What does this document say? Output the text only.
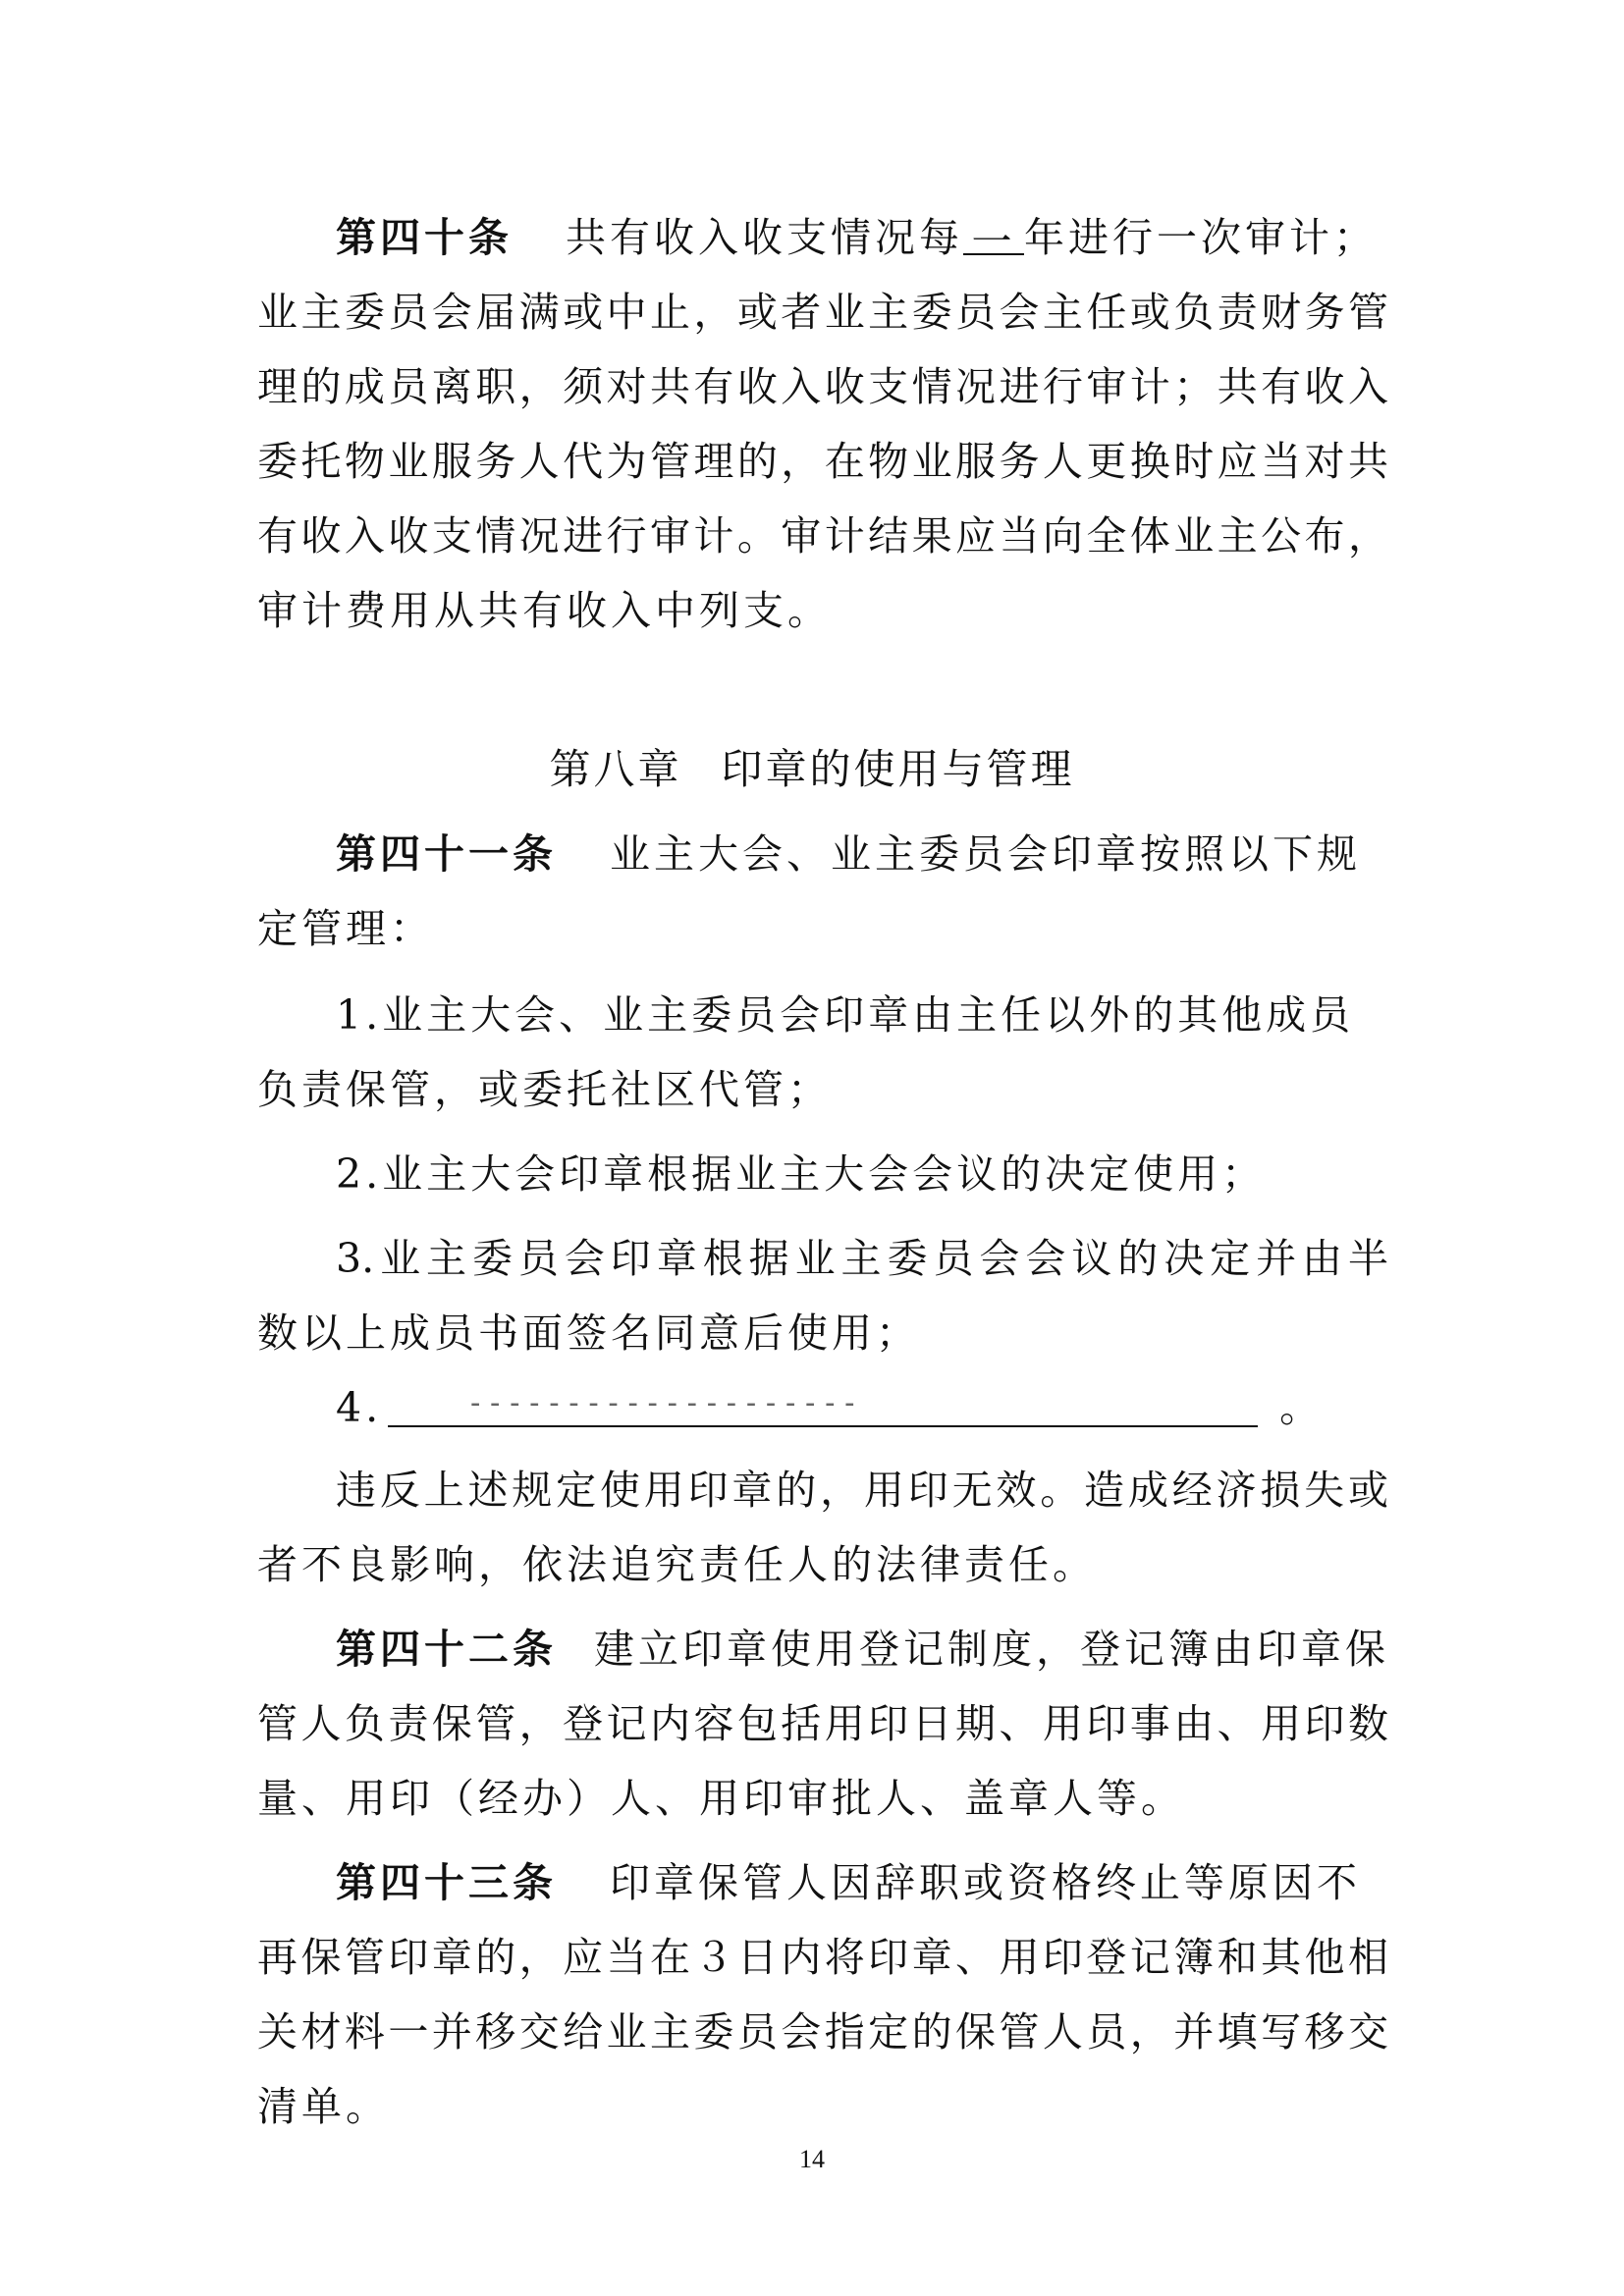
第四十条 共有收入收支情况每 一 年进行一次审计；
业主委员会届满或中止，或者业主委员会主任或负责财务管
理的成员离职，须对共有收入收支情况进行审计；共有收入
委托物业服务人代为管理的，在物业服务人更换时应当对共
有收入收支情况进行审计。审计结果应当向全体业主公布，
审计费用从共有收入中列支。
第八章 印章的使用与管理
第四十一条 业主大会、业主委员会印章按照以下规
定管理：
1.业主大会、业主委员会印章由主任以外的其他成员
负责保管，或委托社区代管；
2.业主大会印章根据业主大会会议的决定使用；
3.业主委员会印章根据业主委员会会议的决定并由半
数以上成员书面签名同意后使用；
4.	--------------------	。
违反上述规定使用印章的，用印无效。造成经济损失或
者不良影响，依法追究责任人的法律责任。
第四十二条 建立印章使用登记制度，登记簿由印章保
管人负责保管，登记内容包括用印日期、用印事由、用印数
量、用印（经办）人、用印审批人、盖章人等。
第四十三条 印章保管人因辞职或资格终止等原因不
再保管印章的，应当在３日内将印章、用印登记簿和其他相
关材料一并移交给业主委员会指定的保管人员，并填写移交
清单。
14
